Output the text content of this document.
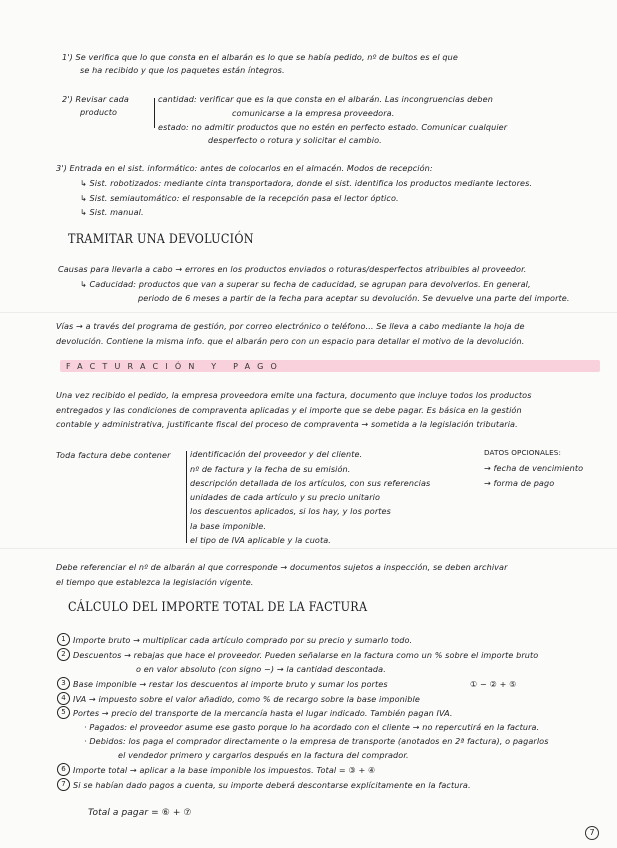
1') Se verifica que lo que consta en el albarán es lo que se había pedido, nº de bultos es el que
se ha recibido y que los paquetes están íntegros.
2') Revisar cada
producto
cantidad: verificar que es la que consta en el albarán. Las incongruencias deben
comunicarse a la empresa proveedora.
estado: no admitir productos que no estén en perfecto estado. Comunicar cualquier
desperfecto o rotura y solicitar el cambio.
3') Entrada en el sist. informático: antes de colocarlos en el almacén. Modos de recepción:
↳ Sist. robotizados: mediante cinta transportadora, donde el sist. identifica los productos mediante lectores.
↳ Sist. semiautomático: el responsable de la recepción pasa el lector óptico.
↳ Sist. manual.
TRAMITAR UNA DEVOLUCIÓN
Causas para llevarla a cabo → errores en los productos enviados o roturas/desperfectos atribuibles al proveedor.
↳ Caducidad: productos que van a superar su fecha de caducidad, se agrupan para devolverlos. En general,
periodo de 6 meses a partir de la fecha para aceptar su devolución. Se devuelve una parte del importe.
Vías → a través del programa de gestión, por correo electrónico o teléfono... Se lleva a cabo mediante la hoja de
devolución. Contiene la misma info. que el albarán pero con un espacio para detallar el motivo de la devolución.
FACTURACIÓN Y PAGO
Una vez recibido el pedido, la empresa proveedora emite una factura, documento que incluye todos los productos
entregados y las condiciones de compraventa aplicadas y el importe que se debe pagar. Es básica en la gestión
contable y administrativa, justificante fiscal del proceso de compraventa → sometida a la legislación tributaria.
Toda factura debe contener identificación del proveedor y del cliente.
nº de factura y la fecha de su emisión.
descripción detallada de los artículos, con sus referencias
unidades de cada artículo y su precio unitario
los descuentos aplicados, si los hay, y los portes
la base imponible.
el tipo de IVA aplicable y la cuota.
DATOS OPCIONALES:
→ fecha de vencimiento
→ forma de pago
Debe referenciar el nº de albarán al que corresponde → documentos sujetos a inspección, se deben archivar
el tiempo que establezca la legislación vigente.
CÁLCULO DEL IMPORTE TOTAL DE LA FACTURA
1 Importe bruto → multiplicar cada artículo comprado por su precio y sumarlo todo.
2 Descuentos → rebajas que hace el proveedor. Pueden señalarse en la factura como un % sobre el importe bruto
o en valor absoluto (con signo −) → la cantidad descontada.
3 Base imponible → restar los descuentos al importe bruto y sumar los portes	① − ② + ⑤
4 IVA → impuesto sobre el valor añadido, como % de recargo sobre la base imponible
5 Portes → precio del transporte de la mercancía hasta el lugar indicado. También pagan IVA.
· Pagados: el proveedor asume ese gasto porque lo ha acordado con el cliente → no repercutirá en la factura.
· Debidos: los paga el comprador directamente o la empresa de transporte (anotados en 2ª factura), o pagarlos
el vendedor primero y cargarlos después en la factura del comprador.
6 Importe total → aplicar a la base imponible los impuestos. Total = ③ + ④
7 Si se habían dado pagos a cuenta, su importe deberá descontarse explícitamente en la factura.
Total a pagar = ⑥ + ⑦
7
